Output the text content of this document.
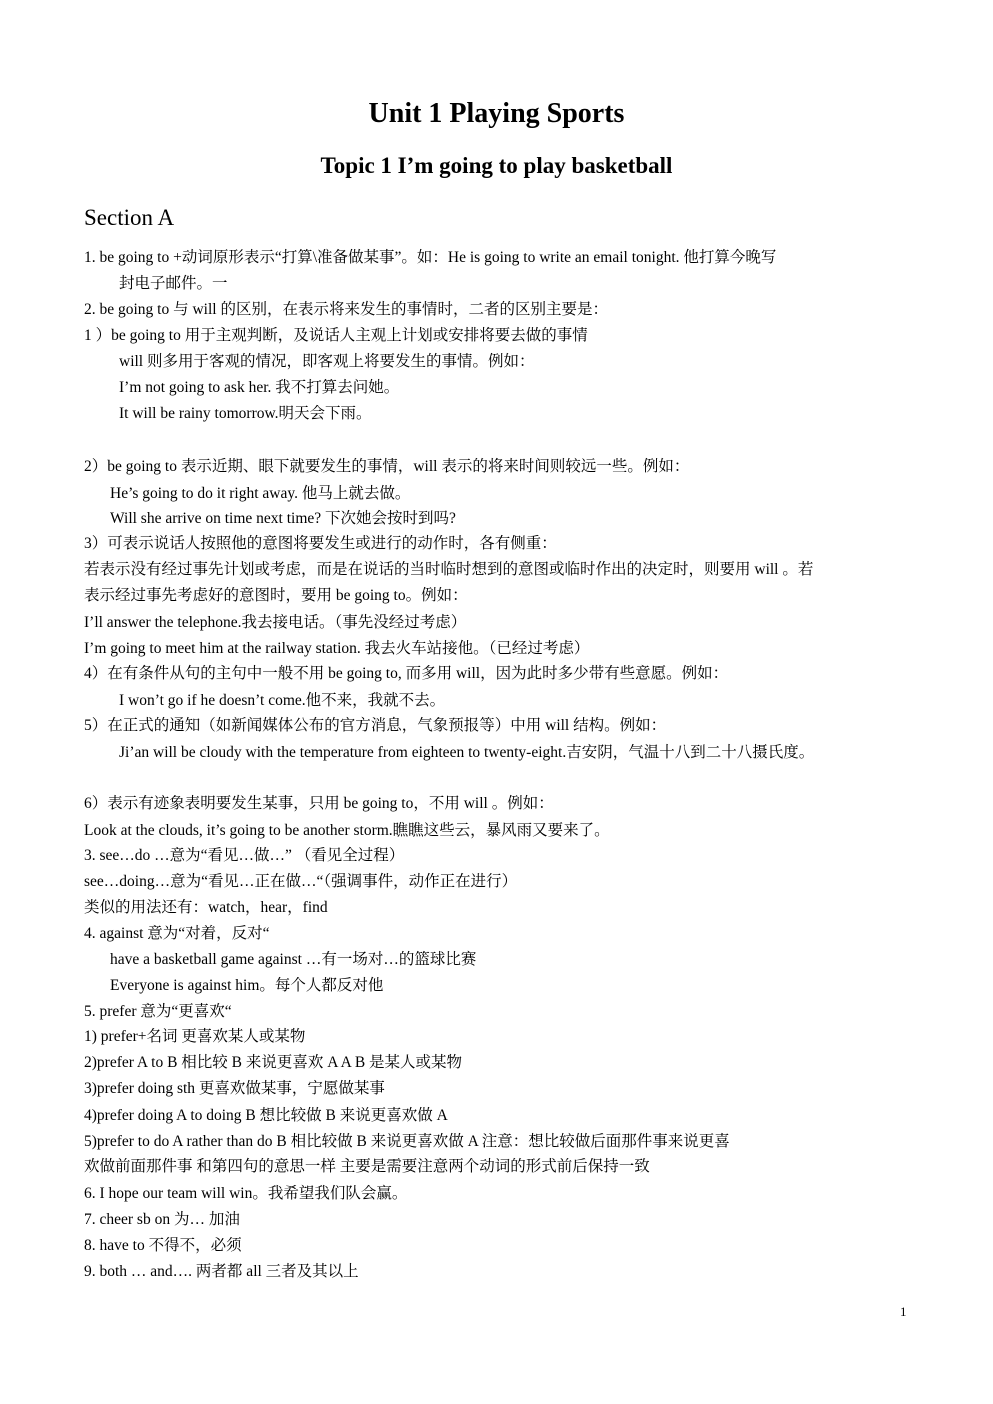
Unit 1 Playing Sports
Topic 1 I’m going to play basketball
Section A
1. be going to +动词原形表示“打算\准备做某事”。如：He is going to write an email tonight. 他打算今晚写
封电子邮件。一
2. be going to 与 will 的区别，在表示将来发生的事情时，二者的区别主要是：
1 ）be going to 用于主观判断，及说话人主观上计划或安排将要去做的事情
will 则多用于客观的情况，即客观上将要发生的事情。例如：
I’m not going to ask her. 我不打算去问她。
It will be rainy tomorrow.明天会下雨。
2）be going to 表示近期、眼下就要发生的事情，will 表示的将来时间则较远一些。例如：
He’s going to do it right away. 他马上就去做。
Will she arrive on time next time? 下次她会按时到吗?
3）可表示说话人按照他的意图将要发生或进行的动作时，各有侧重：
若表示没有经过事先计划或考虑，而是在说话的当时临时想到的意图或临时作出的决定时，则要用 will 。若
表示经过事先考虑好的意图时，要用 be going to。例如：
I’ll answer the telephone.我去接电话。（事先没经过考虑）
I’m going to meet him at the railway station. 我去火车站接他。（已经过考虑）
4）在有条件从句的主句中一般不用 be going to, 而多用 will，因为此时多少带有些意愿。例如：
I won’t go if he doesn’t come.他不来，我就不去。
5）在正式的通知（如新闻媒体公布的官方消息，气象预报等）中用 will 结构。例如：
Ji’an will be cloudy with the temperature from eighteen to twenty-eight.吉安阴，气温十八到二十八摄氏度。
6）表示有迹象表明要发生某事，只用 be going to，不用 will 。例如：
Look at the clouds, it’s going to be another storm.瞧瞧这些云，暴风雨又要来了。
3. see…do …意为“看见…做…” （看见全过程）
see…doing…意为“看见…正在做…“（强调事件，动作正在进行）
类似的用法还有：watch，hear，find
4. against 意为“对着，反对“
have a basketball game against …有一场对…的篮球比赛
Everyone is against him。每个人都反对他
5. prefer 意为“更喜欢“
1) prefer+名词 更喜欢某人或某物
2)prefer A to B 相比较 B 来说更喜欢 A A B 是某人或某物
3)prefer doing sth 更喜欢做某事，宁愿做某事
4)prefer doing A to doing B 想比较做 B 来说更喜欢做 A
5)prefer to do A rather than do B 相比较做 B 来说更喜欢做 A 注意：想比较做后面那件事来说更喜
欢做前面那件事 和第四句的意思一样 主要是需要注意两个动词的形式前后保持一致
6. I hope our team will win。我希望我们队会赢。
7. cheer sb on 为… 加油
8. have to 不得不，必须
9. both … and…. 两者都 all 三者及其以上
1
